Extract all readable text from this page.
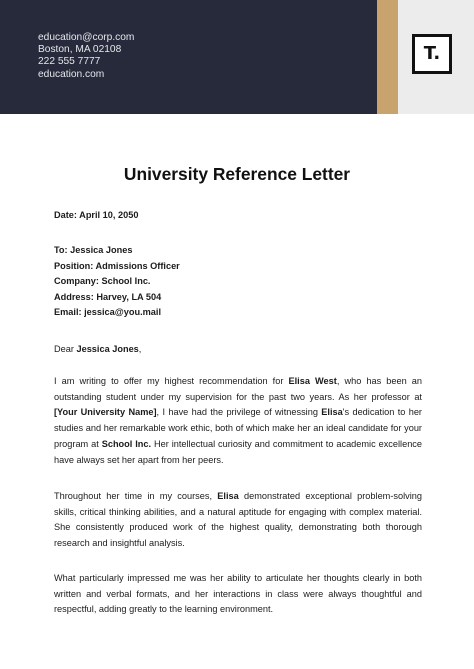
education@corp.com
Boston, MA 02108
222 555 7777
education.com
T.
University Reference Letter
Date: April 10, 2050
To: Jessica Jones
Position: Admissions Officer
Company: School Inc.
Address: Harvey, LA 504
Email: jessica@you.mail
Dear Jessica Jones,
I am writing to offer my highest recommendation for Elisa West, who has been an outstanding student under my supervision for the past two years. As her professor at [Your University Name], I have had the privilege of witnessing Elisa's dedication to her studies and her remarkable work ethic, both of which make her an ideal candidate for your program at School Inc. Her intellectual curiosity and commitment to academic excellence have always set her apart from her peers.
Throughout her time in my courses, Elisa demonstrated exceptional problem-solving skills, critical thinking abilities, and a natural aptitude for engaging with complex material. She consistently produced work of the highest quality, demonstrating both thorough research and insightful analysis.
What particularly impressed me was her ability to articulate her thoughts clearly in both written and verbal formats, and her interactions in class were always thoughtful and respectful, adding greatly to the learning environment.
